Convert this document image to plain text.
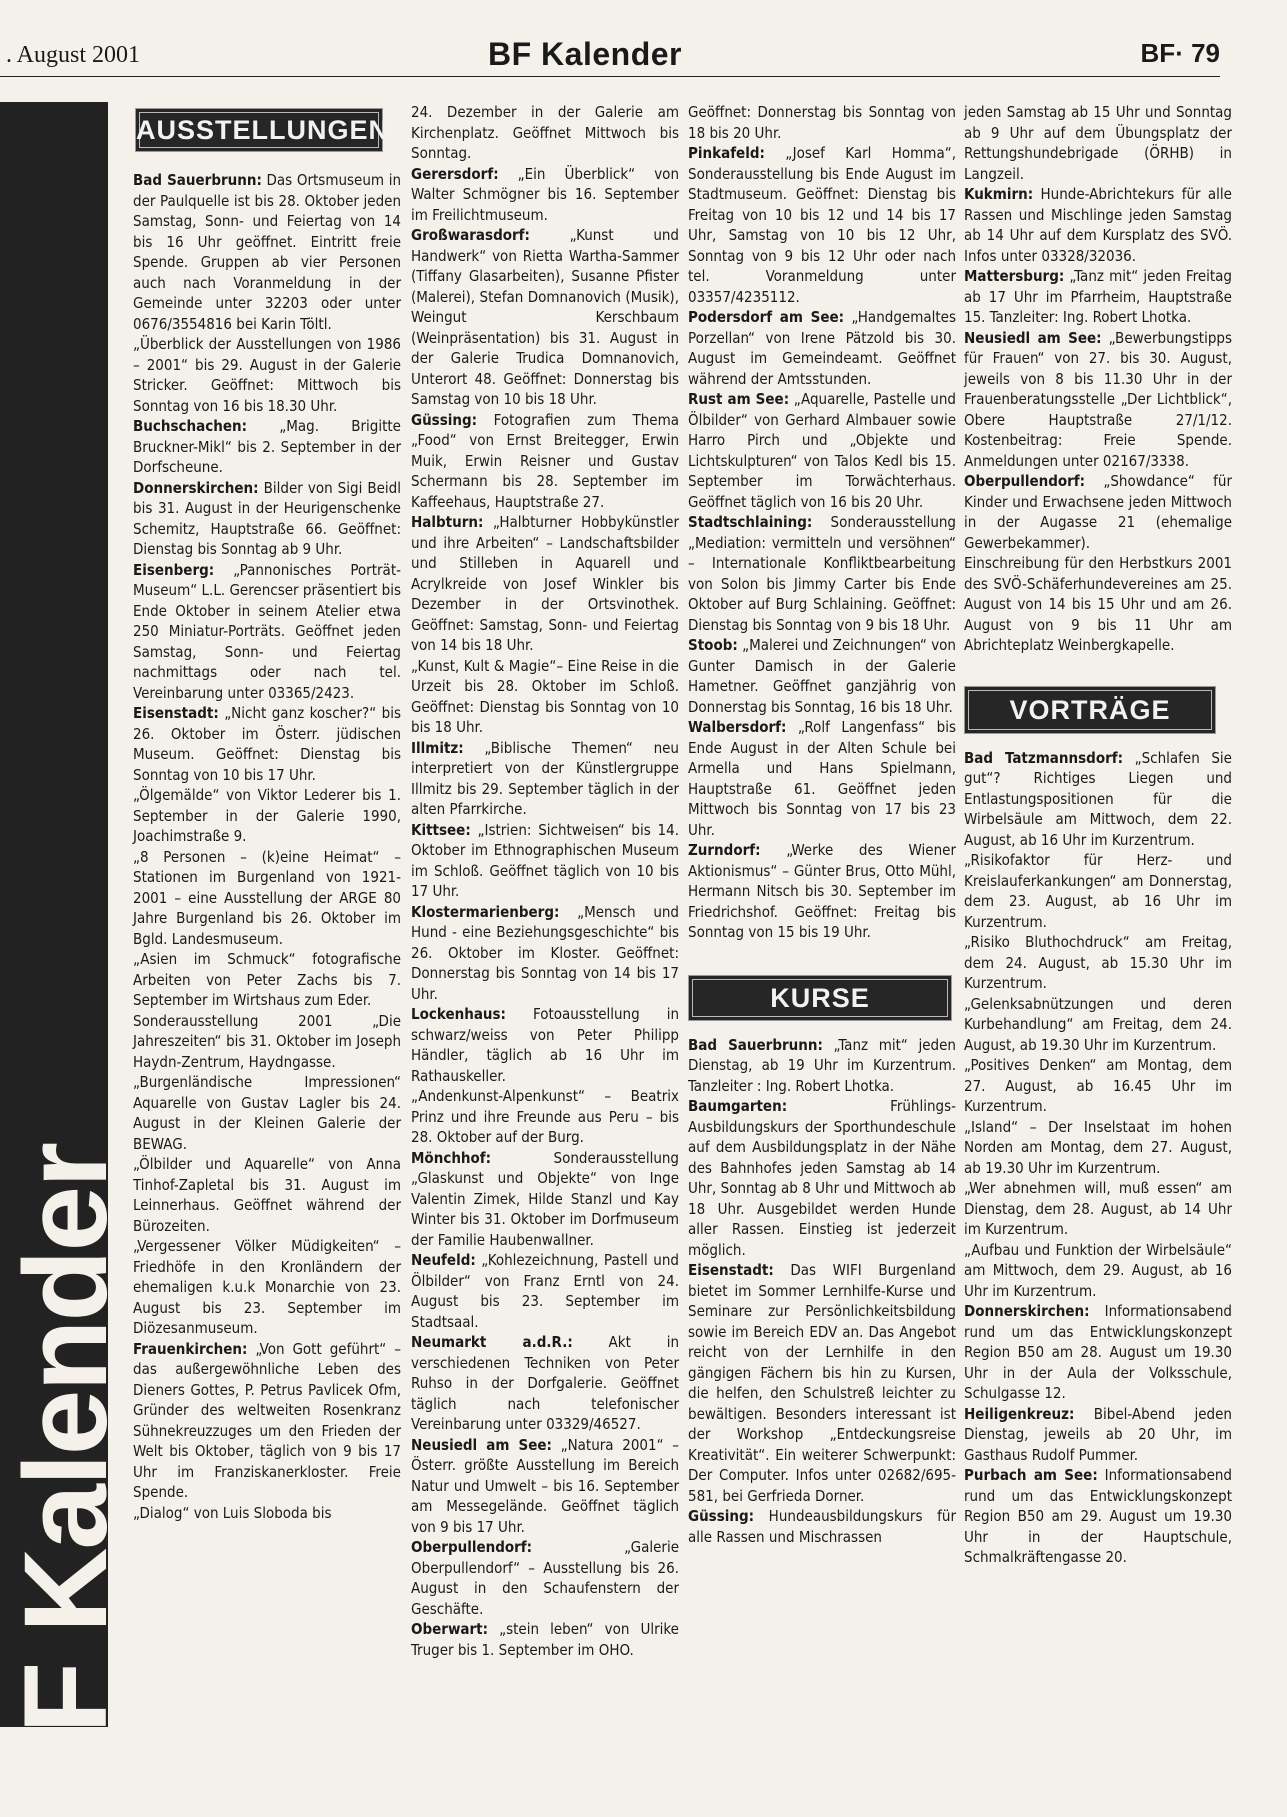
. August 2001	BF Kalender	BF· 79
BF Kalender
AUSSTELLUNGEN

Bad Sauerbrunn: Das Ortsmuseum in der Paulquelle ist bis 28. Oktober jeden Samstag, Sonn- und Feiertag von 14 bis 16 Uhr geöffnet. Eintritt freie Spende. Gruppen ab vier Personen auch nach Voranmeldung in der Gemeinde unter 32203 oder unter 0676/3554816 bei Karin Töltl.

„Überblick der Ausstellungen von 1986 – 2001“ bis 29. August in der Galerie Stricker. Geöffnet: Mittwoch bis Sonntag von 16 bis 18.30 Uhr.

Buchschachen: „Mag. Brigitte Bruckner-Mikl“ bis 2. September in der Dorfscheune.

Donnerskirchen: Bilder von Sigi Beidl bis 31. August in der Heurigenschenke Schemitz, Hauptstraße 66. Geöffnet: Dienstag bis Sonntag ab 9 Uhr.

Eisenberg: „Pannonisches Porträt-Museum“ L.L. Gerencser präsentiert bis Ende Oktober in seinem Atelier etwa 250 Miniatur-Porträts. Geöffnet jeden Samstag, Sonn- und Feiertag nachmittags oder nach tel. Vereinbarung unter 03365/2423.

Eisenstadt: „Nicht ganz koscher?“ bis 26. Oktober im Österr. jüdischen Museum. Geöffnet: Dienstag bis Sonntag von 10 bis 17 Uhr.

„Ölgemälde“ von Viktor Lederer bis 1. September in der Galerie 1990, Joachimstraße 9.

„8 Personen – (k)eine Heimat“ – Stationen im Burgenland von 1921-2001 – eine Ausstellung der ARGE 80 Jahre Burgenland bis 26. Oktober im Bgld. Landesmuseum.

„Asien im Schmuck“ fotografische Arbeiten von Peter Zachs bis 7. September im Wirtshaus zum Eder.

Sonderausstellung 2001 „Die Jahreszeiten“ bis 31. Oktober im Joseph Haydn-Zentrum, Haydngasse.

„Burgenländische Impressionen“ Aquarelle von Gustav Lagler bis 24. August in der Kleinen Galerie der BEWAG.

„Ölbilder und Aquarelle“ von Anna Tinhof-Zapletal bis 31. August im Leinnerhaus. Geöffnet während der Bürozeiten.

„Vergessener Völker Müdigkeiten“ – Friedhöfe in den Kronländern der ehemaligen k.u.k Monarchie von 23. August bis 23. September im Diözesanmuseum.

Frauenkirchen: „Von Gott geführt“ – das außergewöhnliche Leben des Dieners Gottes, P. Petrus Pavlicek Ofm, Gründer des weltweiten Rosenkranz Sühnekreuzzuges um den Frieden der Welt bis Oktober, täglich von 9 bis 17 Uhr im Franziskanerkloster. Freie Spende.

„Dialog“ von Luis Sloboda bis

24. Dezember in der Galerie am Kirchenplatz. Geöffnet Mittwoch bis Sonntag.

Gerersdorf: „Ein Überblick“ von Walter Schmögner bis 16. September im Freilichtmuseum.

Großwarasdorf: „Kunst und Handwerk“ von Rietta Wartha-Sammer (Tiffany Glasarbeiten), Susanne Pfister (Malerei), Stefan Domnanovich (Musik), Weingut Kerschbaum (Weinpräsentation) bis 31. August in der Galerie Trudica Domnanovich, Unterort 48. Geöffnet: Donnerstag bis Samstag von 10 bis 18 Uhr.

Güssing: Fotografien zum Thema „Food“ von Ernst Breitegger, Erwin Muik, Erwin Reisner und Gustav Schermann bis 28. September im Kaffeehaus, Hauptstraße 27.

Halbturn: „Halbturner Hobbykünstler und ihre Arbeiten“ – Landschaftsbilder und Stilleben in Aquarell und Acrylkreide von Josef Winkler bis Dezember in der Ortsvinothek. Geöffnet: Samstag, Sonn- und Feiertag von 14 bis 18 Uhr.

„Kunst, Kult & Magie“– Eine Reise in die Urzeit bis 28. Oktober im Schloß. Geöffnet: Dienstag bis Sonntag von 10 bis 18 Uhr.

Illmitz: „Biblische Themen“ neu interpretiert von der Künstlergruppe Illmitz bis 29. September täglich in der alten Pfarrkirche.

Kittsee: „Istrien: Sichtweisen“ bis 14. Oktober im Ethnographischen Museum im Schloß. Geöffnet täglich von 10 bis 17 Uhr.

Klostermarienberg: „Mensch und Hund - eine Beziehungsgeschichte“ bis 26. Oktober im Kloster. Geöffnet: Donnerstag bis Sonntag von 14 bis 17 Uhr.

Lockenhaus: Fotoausstellung in schwarz/weiss von Peter Philipp Händler, täglich ab 16 Uhr im Rathauskeller.

„Andenkunst-Alpenkunst“ – Beatrix Prinz und ihre Freunde aus Peru – bis 28. Oktober auf der Burg.

Mönchhof: Sonderausstellung „Glaskunst und Objekte“ von Inge Valentin Zimek, Hilde Stanzl und Kay Winter bis 31. Oktober im Dorfmuseum der Familie Haubenwallner.

Neufeld: „Kohlezeichnung, Pastell und Ölbilder“ von Franz Erntl von 24. August bis 23. September im Stadtsaal.

Neumarkt a.d.R.: Akt in verschiedenen Techniken von Peter Ruhso in der Dorfgalerie. Geöffnet täglich nach telefonischer Vereinbarung unter 03329/46527.

Neusiedl am See: „Natura 2001“ – Österr. größte Ausstellung im Bereich Natur und Umwelt – bis 16. September am Messegelände. Geöffnet täglich von 9 bis 17 Uhr.

Oberpullendorf: „Galerie Oberpullendorf“ – Ausstellung bis 26. August in den Schaufenstern der Geschäfte.

Oberwart: „stein leben“ von Ulrike Truger bis 1. September im OHO.

Geöffnet: Donnerstag bis Sonntag von 18 bis 20 Uhr.

Pinkafeld: „Josef Karl Homma“, Sonderausstellung bis Ende August im Stadtmuseum. Geöffnet: Dienstag bis Freitag von 10 bis 12 und 14 bis 17 Uhr, Samstag von 10 bis 12 Uhr, Sonntag von 9 bis 12 Uhr oder nach tel. Voranmeldung unter 03357/4235112.

Podersdorf am See: „Handgemaltes Porzellan“ von Irene Pätzold bis 30. August im Gemeindeamt. Geöffnet während der Amtsstunden.

Rust am See: „Aquarelle, Pastelle und Ölbilder“ von Gerhard Almbauer sowie Harro Pirch und „Objekte und Lichtskulpturen“ von Talos Kedl bis 15. September im Torwächterhaus. Geöffnet täglich von 16 bis 20 Uhr.

Stadtschlaining: Sonderausstellung „Mediation: vermitteln und versöhnen“ – Internationale Konfliktbearbeitung von Solon bis Jimmy Carter bis Ende Oktober auf Burg Schlaining. Geöffnet: Dienstag bis Sonntag von 9 bis 18 Uhr.

Stoob: „Malerei und Zeichnungen“ von Gunter Damisch in der Galerie Hametner. Geöffnet ganzjährig von Donnerstag bis Sonntag, 16 bis 18 Uhr.

Walbersdorf: „Rolf Langenfass“ bis Ende August in der Alten Schule bei Armella und Hans Spielmann, Hauptstraße 61. Geöffnet jeden Mittwoch bis Sonntag von 17 bis 23 Uhr.

Zurndorf: „Werke des Wiener Aktionismus“ – Günter Brus, Otto Mühl, Hermann Nitsch bis 30. September im Friedrichshof. Geöffnet: Freitag bis Sonntag von 15 bis 19 Uhr.

KURSE

Bad Sauerbrunn: „Tanz mit“ jeden Dienstag, ab 19 Uhr im Kurzentrum. Tanzleiter : Ing. Robert Lhotka.

Baumgarten: Frühlings-Ausbildungskurs der Sporthundeschule auf dem Ausbildungsplatz in der Nähe des Bahnhofes jeden Samstag ab 14 Uhr, Sonntag ab 8 Uhr und Mittwoch ab 18 Uhr. Ausgebildet werden Hunde aller Rassen. Einstieg ist jederzeit möglich.

Eisenstadt: Das WIFI Burgenland bietet im Sommer Lernhilfe-Kurse und Seminare zur Persönlichkeitsbildung sowie im Bereich EDV an. Das Angebot reicht von der Lernhilfe in den gängigen Fächern bis hin zu Kursen, die helfen, den Schulstreß leichter zu bewältigen. Besonders interessant ist der Workshop „Entdeckungsreise Kreativität“. Ein weiterer Schwerpunkt: Der Computer. Infos unter 02682/695-581, bei Gerfrieda Dorner.

Güssing: Hundeausbildungskurs für alle Rassen und Mischrassen

jeden Samstag ab 15 Uhr und Sonntag ab 9 Uhr auf dem Übungsplatz der Rettungshundebrigade (ÖRHB) in Langzeil.

Kukmirn: Hunde-Abrichtekurs für alle Rassen und Mischlinge jeden Samstag ab 14 Uhr auf dem Kursplatz des SVÖ. Infos unter 03328/32036.

Mattersburg: „Tanz mit“ jeden Freitag ab 17 Uhr im Pfarrheim, Hauptstraße 15. Tanzleiter: Ing. Robert Lhotka.

Neusiedl am See: „Bewerbungstipps für Frauen“ von 27. bis 30. August, jeweils von 8 bis 11.30 Uhr in der Frauenberatungsstelle „Der Lichtblick“, Obere Hauptstraße 27/1/12. Kostenbeitrag: Freie Spende. Anmeldungen unter 02167/3338.

Oberpullendorf: „Showdance“ für Kinder und Erwachsene jeden Mittwoch in der Augasse 21 (ehemalige Gewerbekammer).

Einschreibung für den Herbstkurs 2001 des SVÖ-Schäferhundevereines am 25. August von 14 bis 15 Uhr und am 26. August von 9 bis 11 Uhr am Abrichteplatz Weinbergkapelle.

VORTRÄGE

Bad Tatzmannsdorf: „Schlafen Sie gut“? Richtiges Liegen und Entlastungspositionen für die Wirbelsäule am Mittwoch, dem 22. August, ab 16 Uhr im Kurzentrum.

„Risikofaktor für Herz- und Kreislauferkankungen“ am Donnerstag, dem 23. August, ab 16 Uhr im Kurzentrum.

„Risiko Bluthochdruck“ am Freitag, dem 24. August, ab 15.30 Uhr im Kurzentrum.

„Gelenksabnützungen und deren Kurbehandlung“ am Freitag, dem 24. August, ab 19.30 Uhr im Kurzentrum.

„Positives Denken“ am Montag, dem 27. August, ab 16.45 Uhr im Kurzentrum.

„Island“ – Der Inselstaat im hohen Norden am Montag, dem 27. August, ab 19.30 Uhr im Kurzentrum.

„Wer abnehmen will, muß essen“ am Dienstag, dem 28. August, ab 14 Uhr im Kurzentrum.

„Aufbau und Funktion der Wirbelsäule“ am Mittwoch, dem 29. August, ab 16 Uhr im Kurzentrum.

Donnerskirchen: Informationsabend rund um das Entwicklungskonzept Region B50 am 28. August um 19.30 Uhr in der Aula der Volksschule, Schulgasse 12.

Heiligenkreuz: Bibel-Abend jeden Dienstag, jeweils ab 20 Uhr, im Gasthaus Rudolf Pummer.

Purbach am See: Informationsabend rund um das Entwicklungskonzept Region B50 am 29. August um 19.30 Uhr in der Hauptschule, Schmalkräftengasse 20.
